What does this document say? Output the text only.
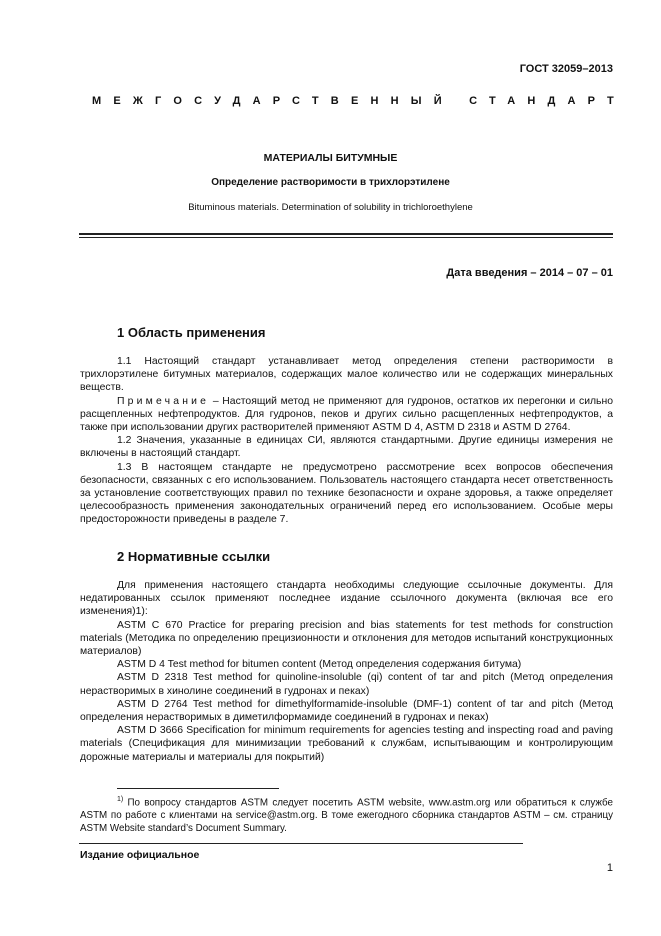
ГОСТ 32059–2013
МЕЖГОСУДАРСТВЕННЫЙ СТАНДАРТ
МАТЕРИАЛЫ БИТУМНЫЕ
Определение растворимости в трихлорэтилене
Bituminous materials. Determination of solubility in trichloroethylene
Дата введения – 2014 – 07 – 01
1 Область применения

1.1 Настоящий стандарт устанавливает метод определения степени растворимости в трихлорэтилене битумных материалов, содержащих малое количество или не содержащих минеральных веществ.

Примечание – Настоящий метод не применяют для гудронов, остатков их перегонки и сильно расщепленных нефтепродуктов. Для гудронов, пеков и других сильно расщепленных нефтепродуктов, а также при использовании других растворителей применяют ASTM D 4, ASTM D 2318 и ASTM D 2764.

1.2 Значения, указанные в единицах СИ, являются стандартными. Другие единицы измерения не включены в настоящий стандарт.

1.3 В настоящем стандарте не предусмотрено рассмотрение всех вопросов обеспечения безопасности, связанных с его использованием. Пользователь настоящего стандарта несет ответственность за установление соответствующих правил по технике безопасности и охране здоровья, а также определяет целесообразность применения законодательных ограничений перед его использованием. Особые меры предосторожности приведены в разделе 7.

2 Нормативные ссылки

Для применения настоящего стандарта необходимы следующие ссылочные документы. Для недатированных ссылок применяют последнее издание ссылочного документа (включая все его изменения)1):

ASTM C 670 Practice for preparing precision and bias statements for test methods for construction materials (Методика по определению прецизионности и отклонения для методов испытаний конструкционных материалов)

ASTM D 4 Test method for bitumen content (Метод определения содержания битума)

ASTM D 2318 Test method for quinoline-insoluble (qi) content of tar and pitch (Метод определения нерастворимых в хинолине соединений в гудронах и пеках)

ASTM D 2764 Test method for dimethylformamide-insoluble (DMF-1) content of tar and pitch (Метод определения нерастворимых в диметилформамиде соединений в гудронах и пеках)

ASTM D 3666 Specification for minimum requirements for agencies testing and inspecting road and paving materials (Спецификация для минимизации требований к службам, испытывающим и контролирующим дорожные материалы и материалы для покрытий)

$^{1)}$ По вопросу стандартов ASTM следует посетить ASTM website, www.astm.org или обратиться к службе ASTM по работе с клиентами на service@astm.org. В томе ежегодного сборника стандартов ASTM – см. страницу ASTM Website standard’s Document Summary.

Издание официальное
1
